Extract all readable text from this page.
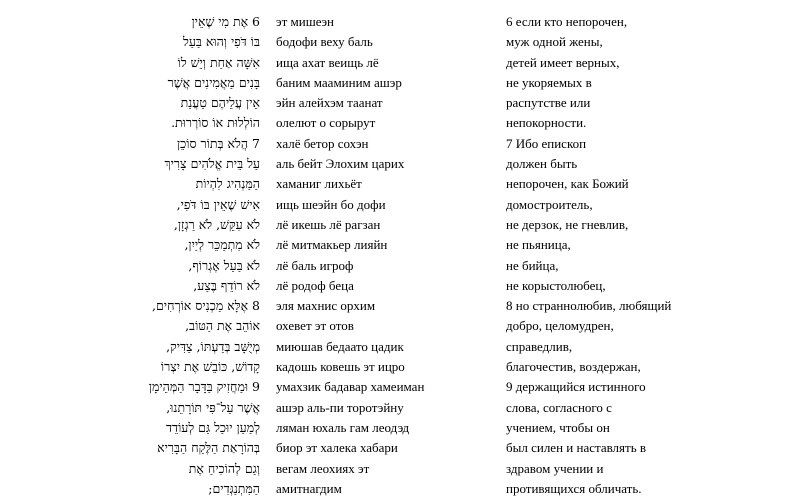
6 אֶת מִי שֶׁאֵין
בּוֹ דֹּפִי וְהוּא בַּעַל
אִשָּׁה אַחַת וְיֵשׁ לוֹ
בָּנִים מַאֲמִינִים אֲשֶׁר
אֵין עֲלֵיהֶם טַעֲנַת
הוֹלְלוּת אוֹ סוֹרְרוּת.
7 הֲלֹא בְּתוֹר סוֹכֵן
עַל בֵּית אֱלֹהִים צָרִיךְ
הַמַּנְהִיג לִהְיוֹת
אִישׁ שֶׁאֵין בּוֹ דֹּפִי,
לֹא עִקֵּשׁ, לֹא רַגְזָן,
לֹא מִתְמַכֵּר לְיַיִן,
לֹא בַּעַל אֶגְרוֹף,
לֹא רוֹדֵף בֶּצַע,
8 אֶלָּא מַכְנִיס אוֹרְחִים,
אוֹהֵב אֶת הַטּוֹב,
מְיֻשָּׁב בְּדַעְתּוֹ, צַדִּיק,
קָדוֹשׁ, כּוֹבֵשׁ אֶת יִצְרוֹ
9 וּמַחֲזִיק בַּדָּבָר הַמְּהֵימָן
אֲשֶׁר עַל־פִּי תּוֹרָתֵנוּ,
לְמַעַן יוּכַל גַּם לְעוֹדֵד
בְּהוֹרָאַת הַלֶּקַח הַבָּרִיא
וְגַם לְהוֹכִיחַ אֶת
הַמִּתְנַגְּדִים;
эт мишеэн
бодофи веху баль
ища ахат веищь лё
баним мааминим ашэр
эйн алейхэм таанат
олелют о сорырут
халё бетор сохэн
аль бейт Элохим царих
хаманиг лихьёт
ищь шеэйн бо дофи
лё икешь лё рагзан
лё митмакьер лияйн
лё баль игроф
лё родоф беца
эля махнис орхим
охевет эт отов
миюшав бедаато цадик
кадошь ковешь эт ицро
умахзик бадавар хамеиман
ашэр аль-пи торотэйну
ляман юхаль гам леодэд
биор эт халека хабари
вегам леохиях эт
амитнагдим
6 если кто непорочен,
муж одной жены,
детей имеет верных,
не укоряемых в
распутстве или
непокорности.
7 Ибо епископ
должен быть
непорочен, как Божий
домостроитель,
не дерзок, не гневлив,
не пьяница,
не бийца,
не корыстолюбец,
8 но страннолюбив, любящий
добро, целомудрен,
справедлив,
благочестив, воздержан,
9 держащийся истинного
слова, согласного с
учением, чтобы он
был силен и наставлять в
здравом учении и
противящихся обличать.
